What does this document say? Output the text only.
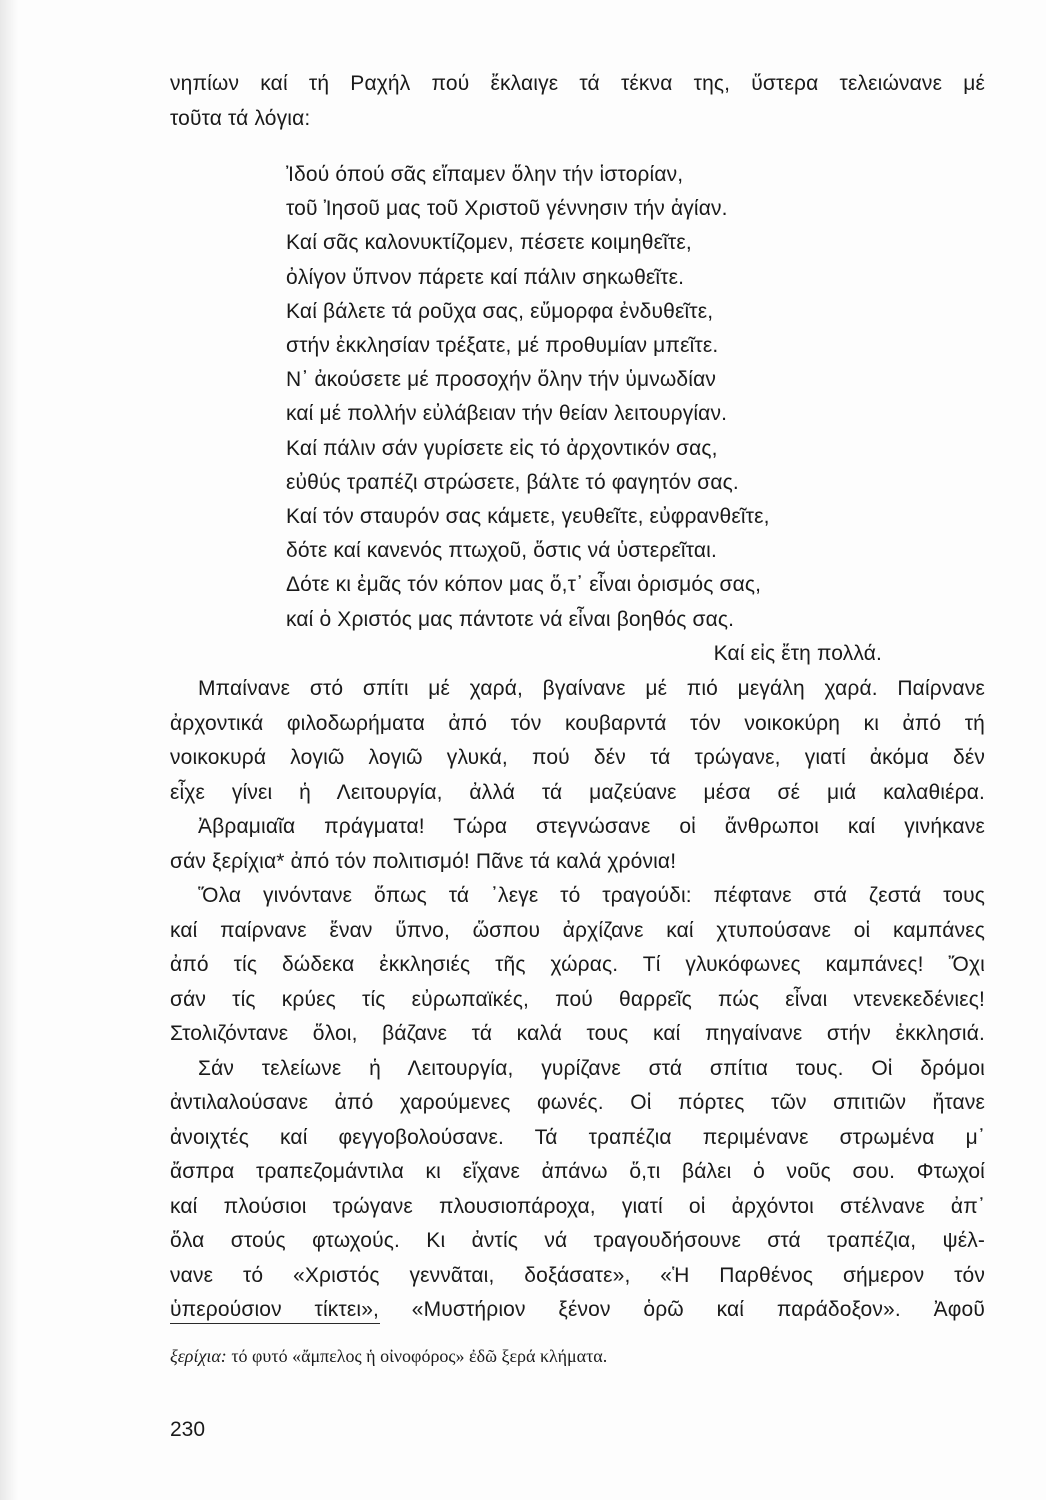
νηπίων καί τή Ραχήλ πού ἔκλαιγε τά τέκνα της, ὕστερα τελειώνανε μέ
τοῦτα τά λόγια:
Ἰδού όπού σᾶς εἴπαμεν ὅλην τήν ἱστορίαν,
τοῦ Ἰησοῦ μας τοῦ Χριστοῦ γέννησιν τήν ἁγίαν.
Καί σᾶς καλονυκτίζομεν, πέσετε κοιμηθεῖτε,
ὀλίγον ὕπνον πάρετε καί πάλιν σηκωθεῖτε.
Καί βάλετε τά ροῦχα σας, εὔμορφα ἐνδυθεῖτε,
στήν ἐκκλησίαν τρέξατε, μέ προθυμίαν μπεῖτε.
Ν᾽ ἀκούσετε μέ προσοχήν ὅλην τήν ὑμνωδίαν
καί μέ πολλήν εὐλάβειαν τήν θείαν λειτουργίαν.
Καί πάλιν σάν γυρίσετε εἰς τό ἀρχοντικόν σας,
εὐθύς τραπέζι στρώσετε, βάλτε τό φαγητόν σας.
Καί τόν σταυρόν σας κάμετε, γευθεῖτε, εὐφρανθεῖτε,
δότε καί κανενός πτωχοῦ, ὅστις νά ὑστερεῖται.
Δότε κι ἐμᾶς τόν κόπον μας ὅ,τ᾽ εἶναι ὁρισμός σας,
καί ὁ Χριστός μας πάντοτε νά εἶναι βοηθός σας.
Καί εἰς ἔτη πολλά.
Μπαίνανε στό σπίτι μέ χαρά, βγαίνανε μέ πιό μεγάλη χαρά. Παίρνανε
ἀρχοντικά φιλοδωρήματα ἀπό τόν κουβαρντά τόν νοικοκύρη κι ἀπό τή
νοικοκυρά λογιῶ λογιῶ γλυκά, πού δέν τά τρώγανε, γιατί ἀκόμα δέν
εἶχε γίνει ἡ Λειτουργία, ἀλλά τά μαζεύανε μέσα σέ μιά καλαθιέρα.
Ἀβραμιαῖα πράγματα! Τώρα στεγνώσανε οἱ ἄνθρωποι καί γινήκανε
σάν ξερίχια* ἀπό τόν πολιτισμό! Πᾶνε τά καλά χρόνια!
Ὅλα γινόντανε ὅπως τά ᾽λεγε τό τραγούδι: πέφτανε στά ζεστά τους
καί παίρνανε ἕναν ὕπνο, ὥσπου ἀρχίζανε καί χτυπούσανε οἱ καμπάνες
ἀπό τίς δώδεκα ἐκκλησιές τῆς χώρας. Τί γλυκόφωνες καμπάνες! Ὄχι
σάν τίς κρύες τίς εὐρωπαϊκές, πού θαρρεῖς πώς εἶναι ντενεκεδένιες!
Στολιζόντανε ὅλοι, βάζανε τά καλά τους καί πηγαίνανε στήν ἐκκλησιά.
Σάν τελείωνε ἡ Λειτουργία, γυρίζανε στά σπίτια τους. Οἱ δρόμοι
ἀντιλαλούσανε ἀπό χαρούμενες φωνές. Οἱ πόρτες τῶν σπιτιῶν ἤτανε
ἀνοιχτές καί φεγγοβολούσανε. Τά τραπέζια περιμένανε στρωμένα μ᾽
ἄσπρα τραπεζομάντιλα κι εἴχανε ἀπάνω ὅ,τι βάλει ὁ νοῦς σου. Φτωχοί
καί πλούσιοι τρώγανε πλουσιοπάροχα, γιατί οἱ ἀρχόντοι στέλνανε ἀπ᾽
ὅλα στούς φτωχούς. Κι ἀντίς νά τραγουδήσουνε στά τραπέζια, ψέλ-
νανε τό «Χριστός γεννᾶται, δοξάσατε», «Ἡ Παρθένος σήμερον τόν
ὑπερούσιον τίκτει», «Μυστήριον ξένον ὁρῶ καί παράδοξον». Ἀφοῦ
ξερίχια: τό φυτό «ἄμπελος ἡ οἰνοφόρος» ἐδῶ ξερά κλήματα.
230
